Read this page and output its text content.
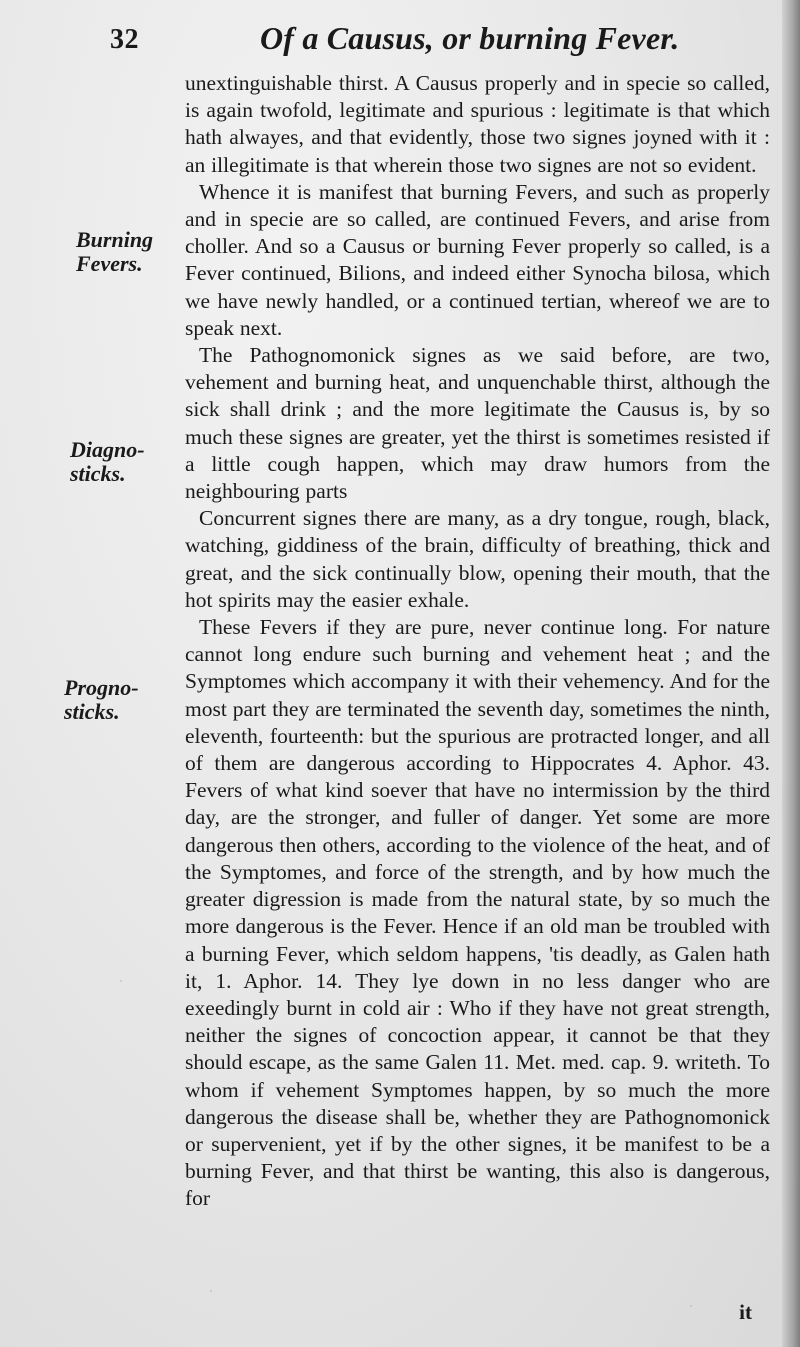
32	Of a Causus, or burning Fever.
Burning Fevers.
Diagno-sticks.
Progno-sticks.

unextinguishable thirst. A Causus properly and in specie so called, is again twofold, legitimate and spurious : legitimate is that which hath alwayes, and that evidently, those two signes joyned with it : an illegitimate is that wherein those two signes are not so evident.

Whence it is manifest that burning Fevers, and such as properly and in specie are so called, are continued Fevers, and arise from choller. And so a Causus or burning Fever properly so called, is a Fever continued, Bilions, and indeed either Synocha bilosa, which we have newly handled, or a continued tertian, whereof we are to speak next.

The Pathognomonick signes as we said before, are two, vehement and burning heat, and unquenchable thirst, although the sick shall drink ; and the more legitimate the Causus is, by so much these signes are greater, yet the thirst is sometimes resisted if a little cough happen, which may draw humors from the neighbouring parts

Concurrent signes there are many, as a dry tongue, rough, black, watching, giddiness of the brain, difficulty of breathing, thick and great, and the sick continually blow, opening their mouth, that the hot spirits may the easier exhale.

These Fevers if they are pure, never continue long. For nature cannot long endure such burning and vehement heat ; and the Symptomes which accompany it with their vehemency. And for the most part they are terminated the seventh day, sometimes the ninth, eleventh, fourteenth: but the spurious are protracted longer, and all of them are dangerous according to Hippocrates 4. Aphor. 43. Fevers of what kind soever that have no intermission by the third day, are the stronger, and fuller of danger. Yet some are more dangerous then others, according to the violence of the heat, and of the Symptomes, and force of the strength, and by how much the greater digression is made from the natural state, by so much the more dangerous is the Fever. Hence if an old man be troubled with a burning Fever, which seldom happens, 'tis deadly, as Galen hath it, 1. Aphor. 14. They lye down in no less danger who are exeedingly burnt in cold air : Who if they have not great strength, neither the signes of concoction appear, it cannot be that they should escape, as the same Galen 11. Met. med. cap. 9. writeth. To whom if vehement Symptomes happen, by so much the more dangerous the disease shall be, whether they are Pathognomonick or supervenient, yet if by the other signes, it be manifest to be a burning Fever, and that thirst be wanting, this also is dangerous, for

it
